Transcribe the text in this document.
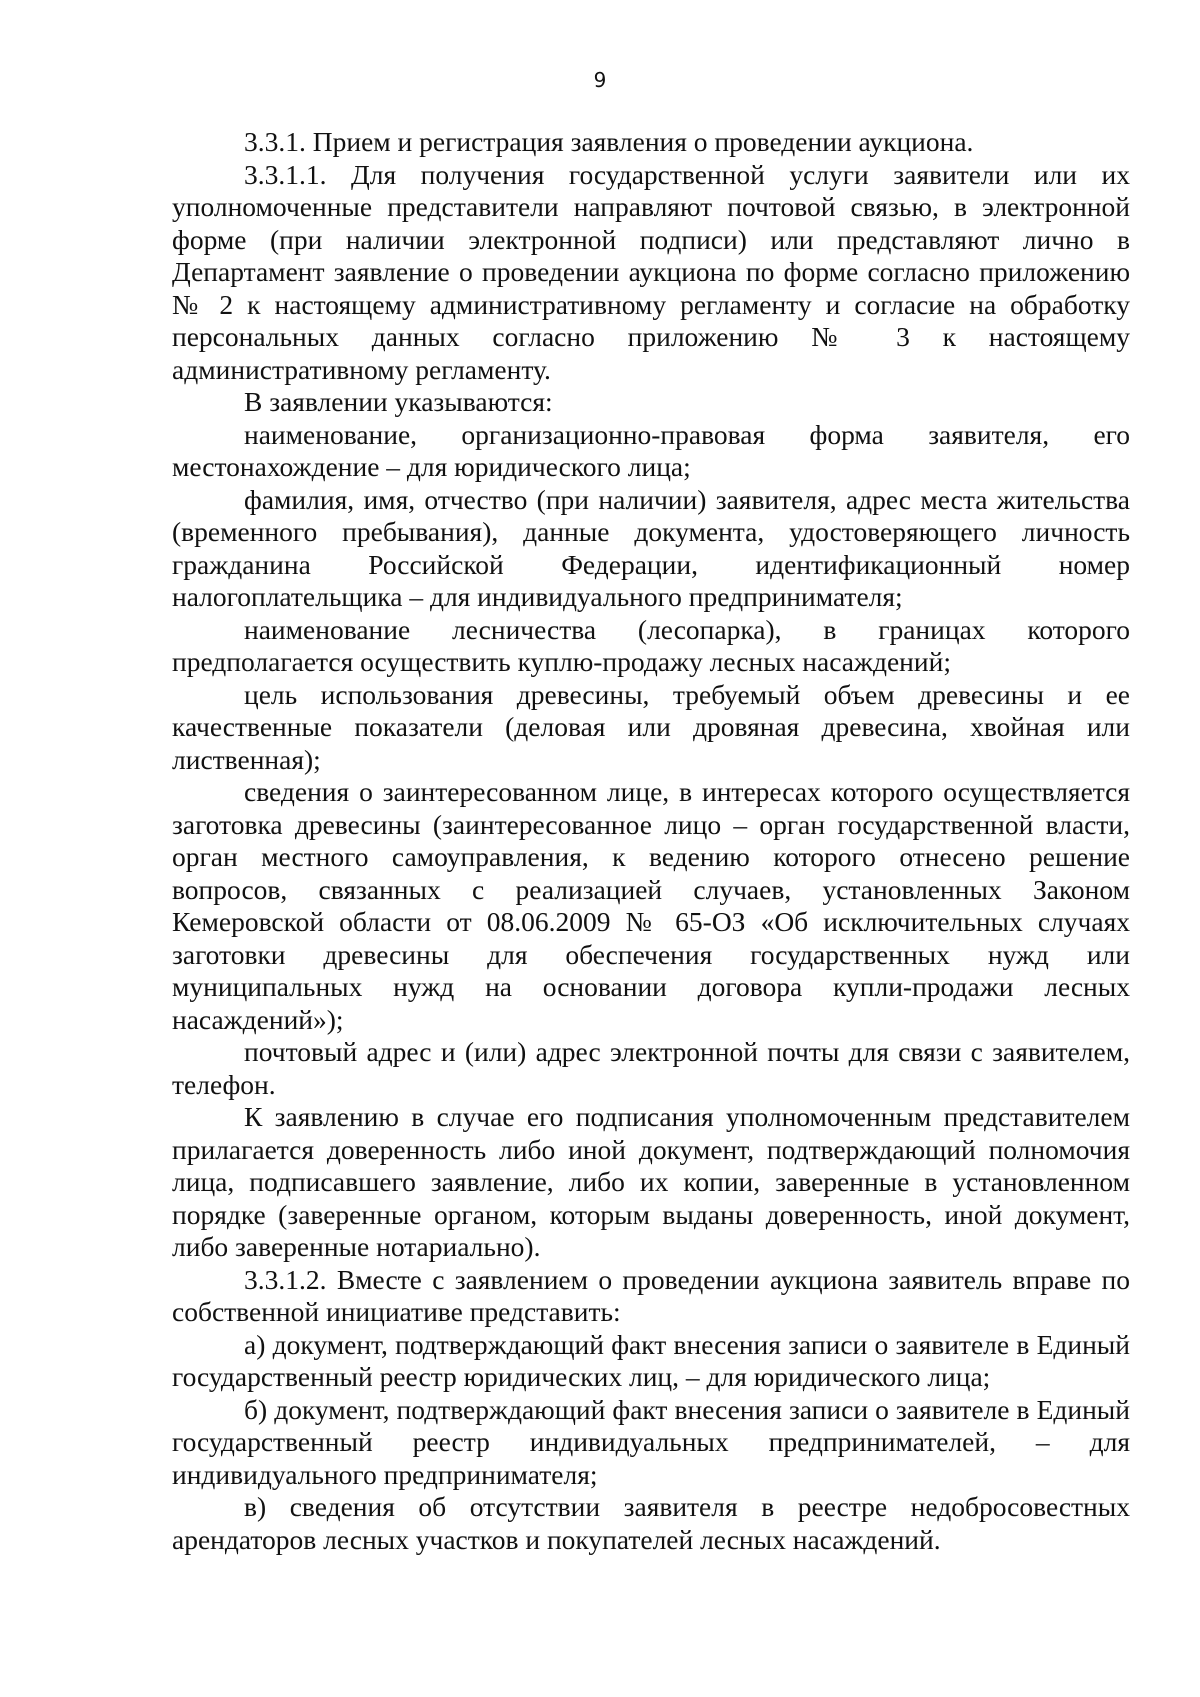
9

3.3.1. Прием и регистрация заявления о проведении аукциона.

3.3.1.1. Для получения государственной услуги заявители или их уполномоченные представители направляют почтовой связью, в электронной форме (при наличии электронной подписи) или представляют лично в Департамент заявление о проведении аукциона по форме согласно приложению № 2 к настоящему административному регламенту и согласие на обработку персональных данных согласно приложению № 3 к настоящему административному регламенту.

В заявлении указываются:

наименование, организационно-правовая форма заявителя, его местонахождение – для юридического лица;

фамилия, имя, отчество (при наличии) заявителя, адрес места жительства (временного пребывания), данные документа, удостоверяющего личность гражданина Российской Федерации, идентификационный номер налогоплательщика – для индивидуального предпринимателя;

наименование лесничества (лесопарка), в границах которого предполагается осуществить куплю-продажу лесных насаждений;

цель использования древесины, требуемый объем древесины и ее качественные показатели (деловая или дровяная древесина, хвойная или лиственная);

сведения о заинтересованном лице, в интересах которого осуществляется заготовка древесины (заинтересованное лицо – орган государственной власти, орган местного самоуправления, к ведению которого отнесено решение вопросов, связанных с реализацией случаев, установленных Законом Кемеровской области от 08.06.2009 № 65-ОЗ «Об исключительных случаях заготовки древесины для обеспечения государственных нужд или муниципальных нужд на основании договора купли-продажи лесных насаждений»);

почтовый адрес и (или) адрес электронной почты для связи с заявителем, телефон.

К заявлению в случае его подписания уполномоченным представителем прилагается доверенность либо иной документ, подтверждающий полномочия лица, подписавшего заявление, либо их копии, заверенные в установленном порядке (заверенные органом, которым выданы доверенность, иной документ, либо заверенные нотариально).

3.3.1.2. Вместе с заявлением о проведении аукциона заявитель вправе по собственной инициативе представить:

а) документ, подтверждающий факт внесения записи о заявителе в Единый государственный реестр юридических лиц, – для юридического лица;

б) документ, подтверждающий факт внесения записи о заявителе в Единый государственный реестр индивидуальных предпринимателей, – для индивидуального предпринимателя;

в) сведения об отсутствии заявителя в реестре недобросовестных арендаторов лесных участков и покупателей лесных насаждений.
